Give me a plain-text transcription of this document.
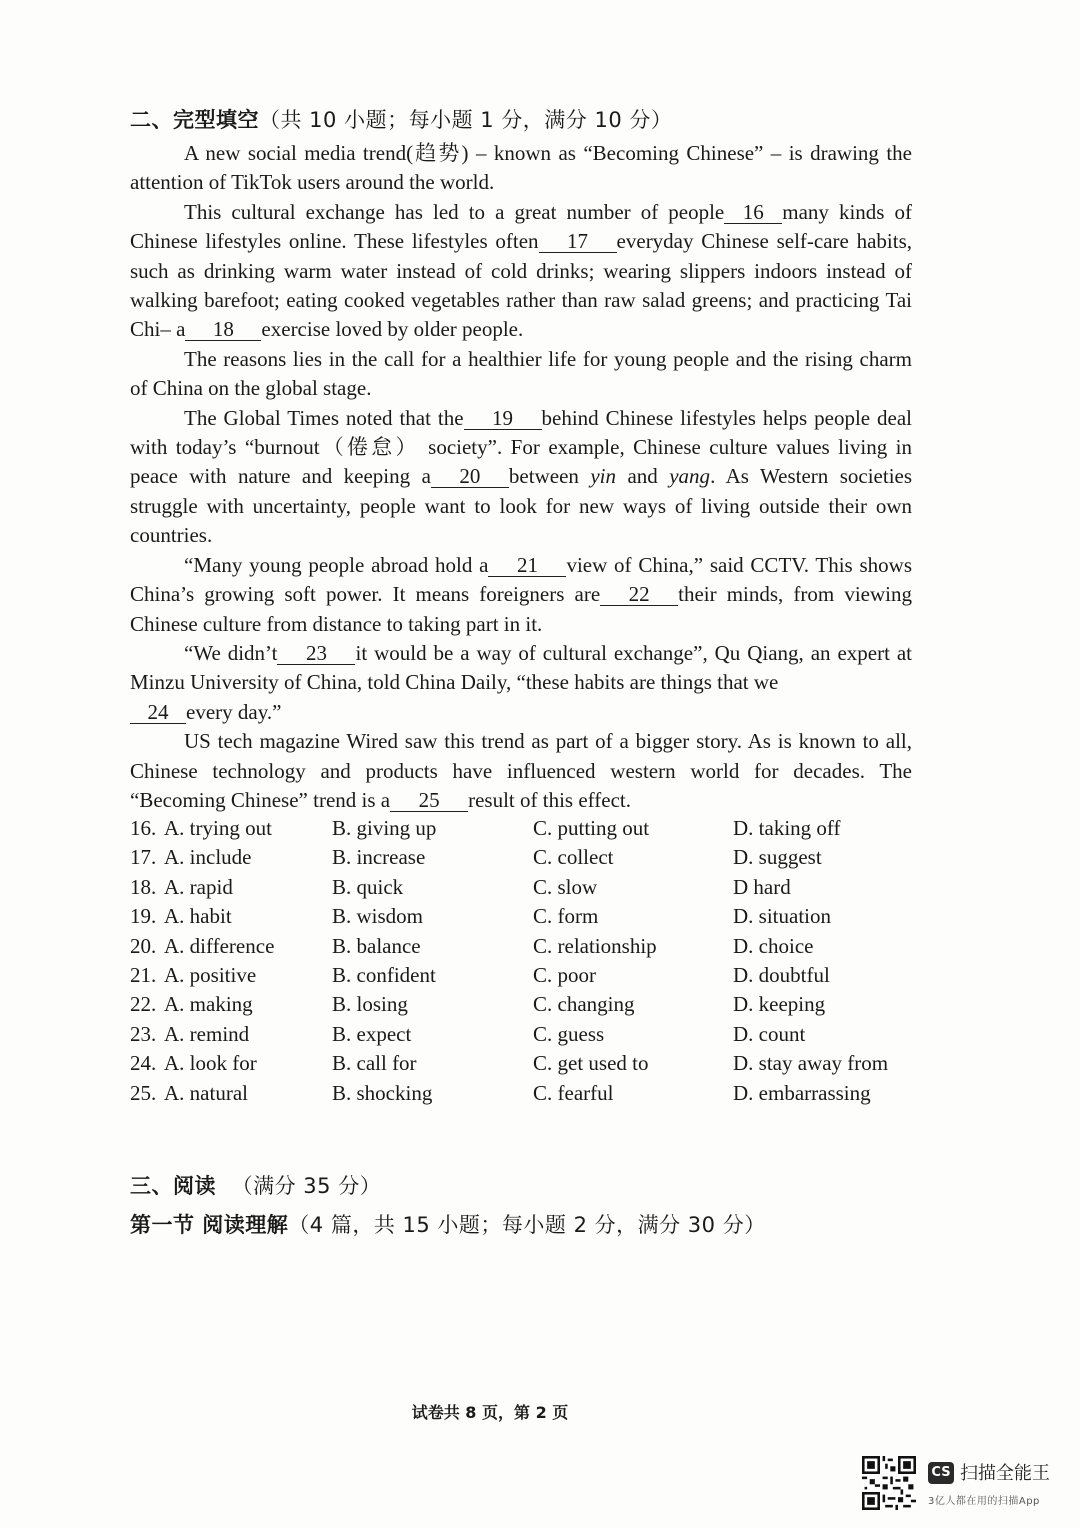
二、完型填空（共 10 小题；每小题 1 分，满分 10 分）

A new social media trend(趋势) – known as “Becoming Chinese” – is drawing the attention of TikTok users around the world.

This cultural exchange has led to a great number of people 16 many kinds of Chinese lifestyles online. These lifestyles often 17 everyday Chinese self-care habits, such as drinking warm water instead of cold drinks; wearing slippers indoors instead of walking barefoot; eating cooked vegetables rather than raw salad greens; and practicing Tai Chi– a 18 exercise loved by older people.

The reasons lies in the call for a healthier life for young people and the rising charm of China on the global stage.

The Global Times noted that the 19 behind Chinese lifestyles helps people deal with today’s “burnout（倦怠） society”. For example, Chinese culture values living in peace with nature and keeping a 20 between yin and yang. As Western societies struggle with uncertainty, people want to look for new ways of living outside their own countries.

“Many young people abroad hold a 21 view of China,” said CCTV. This shows China’s growing soft power. It means foreigners are 22 their minds, from viewing Chinese culture from distance to taking part in it.

“We didn’t 23 it would be a way of cultural exchange”, Qu Qiang, an expert at Minzu University of China, told China Daily, “these habits are things that we

24 every day.”

US tech magazine Wired saw this trend as part of a bigger story. As is known to all, Chinese technology and products have influenced western world for decades. The “Becoming Chinese” trend is a 25 result of this effect.

16. A. trying out	B. giving up	C. putting out	D. taking off
17. A. include	B. increase	C. collect	D. suggest
18. A. rapid	B. quick	C. slow	D hard
19. A. habit	B. wisdom	C. form	D. situation
20. A. difference	B. balance	C. relationship	D. choice
21. A. positive	B. confident	C. poor	D. doubtful
22. A. making	B. losing	C. changing	D. keeping
23. A. remind	B. expect	C. guess	D. count
24. A. look for	B. call for	C. get used to	D. stay away from
25. A. natural	B. shocking	C. fearful	D. embarrassing
三、阅读 （满分 35 分）
第一节 阅读理解（4 篇，共 15 小题；每小题 2 分，满分 30 分）
试卷共 8 页，第 2 页
CS 扫描全能王
3亿人都在用的扫描App
